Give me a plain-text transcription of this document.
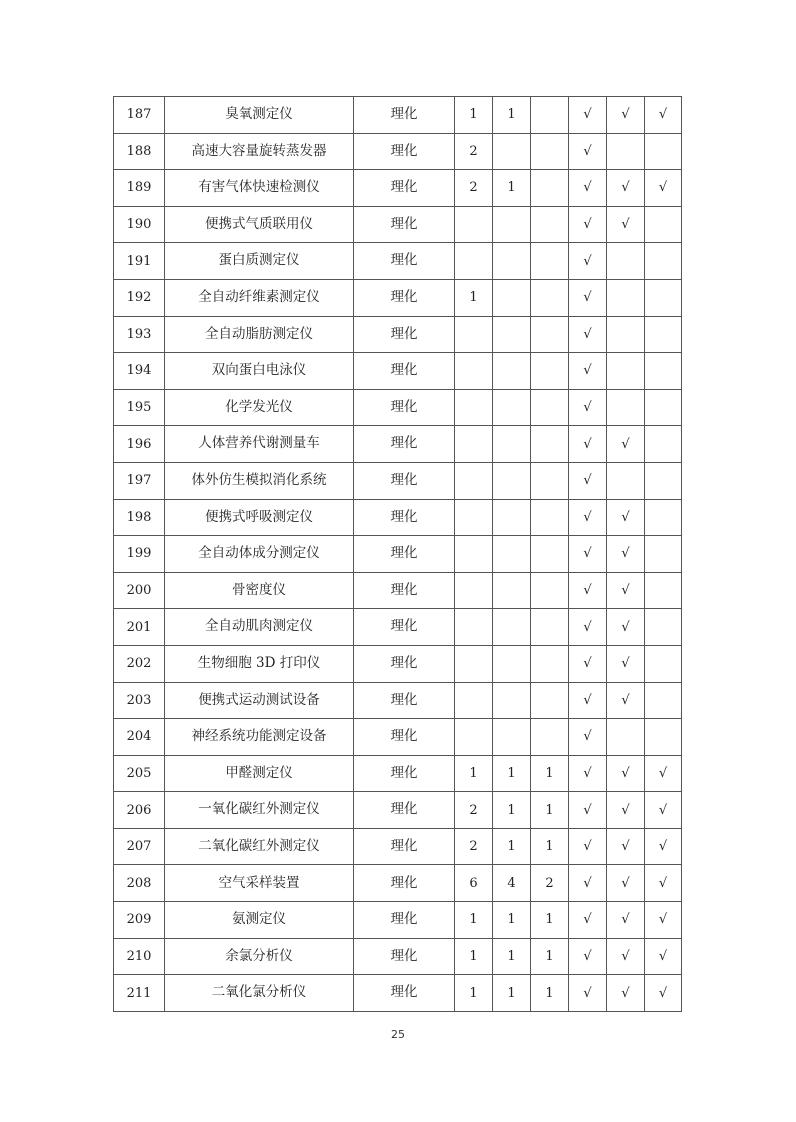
187	臭氧测定仪	理化	1	1		√	√	√
188	高速大容量旋转蒸发器	理化	2			√		
189	有害气体快速检测仪	理化	2	1		√	√	√
190	便携式气质联用仪	理化				√	√	
191	蛋白质测定仪	理化				√		
192	全自动纤维素测定仪	理化	1			√		
193	全自动脂肪测定仪	理化				√		
194	双向蛋白电泳仪	理化				√		
195	化学发光仪	理化				√		
196	人体营养代谢测量车	理化				√	√	
197	体外仿生模拟消化系统	理化				√		
198	便携式呼吸测定仪	理化				√	√	
199	全自动体成分测定仪	理化				√	√	
200	骨密度仪	理化				√	√	
201	全自动肌肉测定仪	理化				√	√	
202	生物细胞 3D 打印仪	理化				√	√	
203	便携式运动测试设备	理化				√	√	
204	神经系统功能测定设备	理化				√		
205	甲醛测定仪	理化	1	1	1	√	√	√
206	一氧化碳红外测定仪	理化	2	1	1	√	√	√
207	二氧化碳红外测定仪	理化	2	1	1	√	√	√
208	空气采样装置	理化	6	4	2	√	√	√
209	氨测定仪	理化	1	1	1	√	√	√
210	余氯分析仪	理化	1	1	1	√	√	√
211	二氧化氯分析仪	理化	1	1	1	√	√	√
25
